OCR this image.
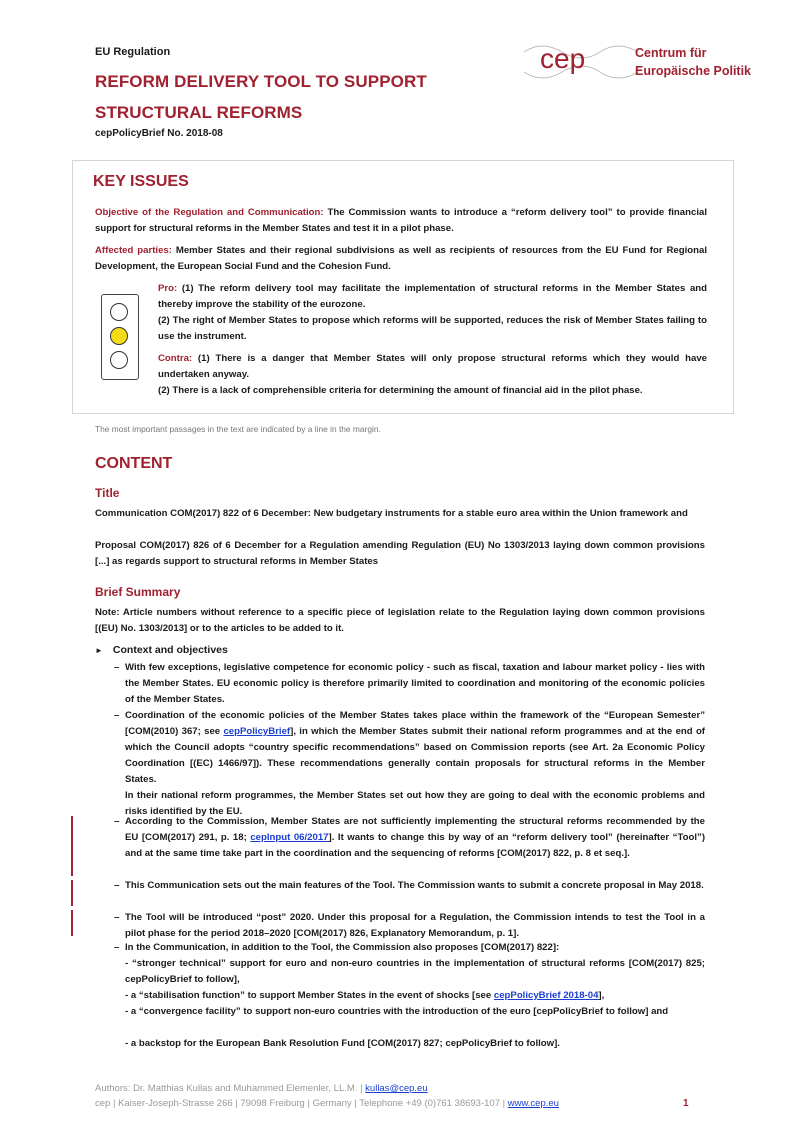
EU Regulation
REFORM DELIVERY TOOL TO SUPPORT
STRUCTURAL REFORMS
cepPolicyBrief No. 2018-08
cep	Centrum für
Europäische Politik
KEY ISSUES

Objective of the Regulation and Communication: The Commission wants to introduce a “reform delivery tool” to provide financial support for structural reforms in the Member States and test it in a pilot phase.

Affected parties: Member States and their regional subdivisions as well as recipients of resources from the EU Fund for Regional Development, the European Social Fund and the Cohesion Fund.

Pro: (1) The reform delivery tool may facilitate the implementation of structural reforms in the Member States and thereby improve the stability of the eurozone.
(2) The right of Member States to propose which reforms will be supported, reduces the risk of Member States failing to use the instrument.

Contra: (1) There is a danger that Member States will only propose structural reforms which they would have undertaken anyway.
(2) There is a lack of comprehensible criteria for determining the amount of financial aid in the pilot phase.

The most important passages in the text are indicated by a line in the margin.
CONTENT
Title

Communication COM(2017) 822 of 6 December: New budgetary instruments for a stable euro area within the Union framework and

Proposal COM(2017) 826 of 6 December for a Regulation amending Regulation (EU) No 1303/2013 laying down common provisions [...] as regards support to structural reforms in Member States

Brief Summary

Note: Article numbers without reference to a specific piece of legislation relate to the Regulation laying down common provisions [(EU) No. 1303/2013] or to the articles to be added to it.

► Context and objectives

– With few exceptions, legislative competence for economic policy - such as fiscal, taxation and labour market policy - lies with the Member States. EU economic policy is therefore primarily limited to coordination and monitoring of the economic policies of the Member States.

– Coordination of the economic policies of the Member States takes place within the framework of the “European Semester” [COM(2010) 367; see cepPolicyBrief], in which the Member States submit their national reform programmes and at the end of which the Council adopts “country specific recommendations” based on Commission reports (see Art. 2a Economic Policy Coordination [(EC) 1466/97]). These recommendations generally contain proposals for structural reforms in the Member States.
In their national reform programmes, the Member States set out how they are going to deal with the economic problems and risks identified by the EU.

– According to the Commission, Member States are not sufficiently implementing the structural reforms recommended by the EU [COM(2017) 291, p. 18; cepInput 06/2017]. It wants to change this by way of an “reform delivery tool” (hereinafter “Tool”) and at the same time take part in the coordination and the sequencing of reforms [COM(2017) 822, p. 8 et seq.].

– This Communication sets out the main features of the Tool. The Commission wants to submit a concrete proposal in May 2018.

– The Tool will be introduced “post” 2020. Under this proposal for a Regulation, the Commission intends to test the Tool in a pilot phase for the period 2018–2020 [COM(2017) 826, Explanatory Memorandum, p. 1].

– In the Communication, in addition to the Tool, the Commission also proposes [COM(2017) 822]:

- “stronger technical” support for euro and non-euro countries in the implementation of structural reforms [COM(2017) 825; cepPolicyBrief to follow],

- a “stabilisation function” to support Member States in the event of shocks [see cepPolicyBrief 2018-04],

- a “convergence facility” to support non-euro countries with the introduction of the euro [cepPolicyBrief to follow] and

- a backstop for the European Bank Resolution Fund [COM(2017) 827; cepPolicyBrief to follow].

Authors: Dr. Matthias Kullas and Muhammed Elemenler, LL.M. | kullas@cep.eu
cep | Kaiser-Joseph-Strasse 266 | 79098 Freiburg | Germany | Telephone +49 (0)761 38693-107 | www.cep.eu	1
